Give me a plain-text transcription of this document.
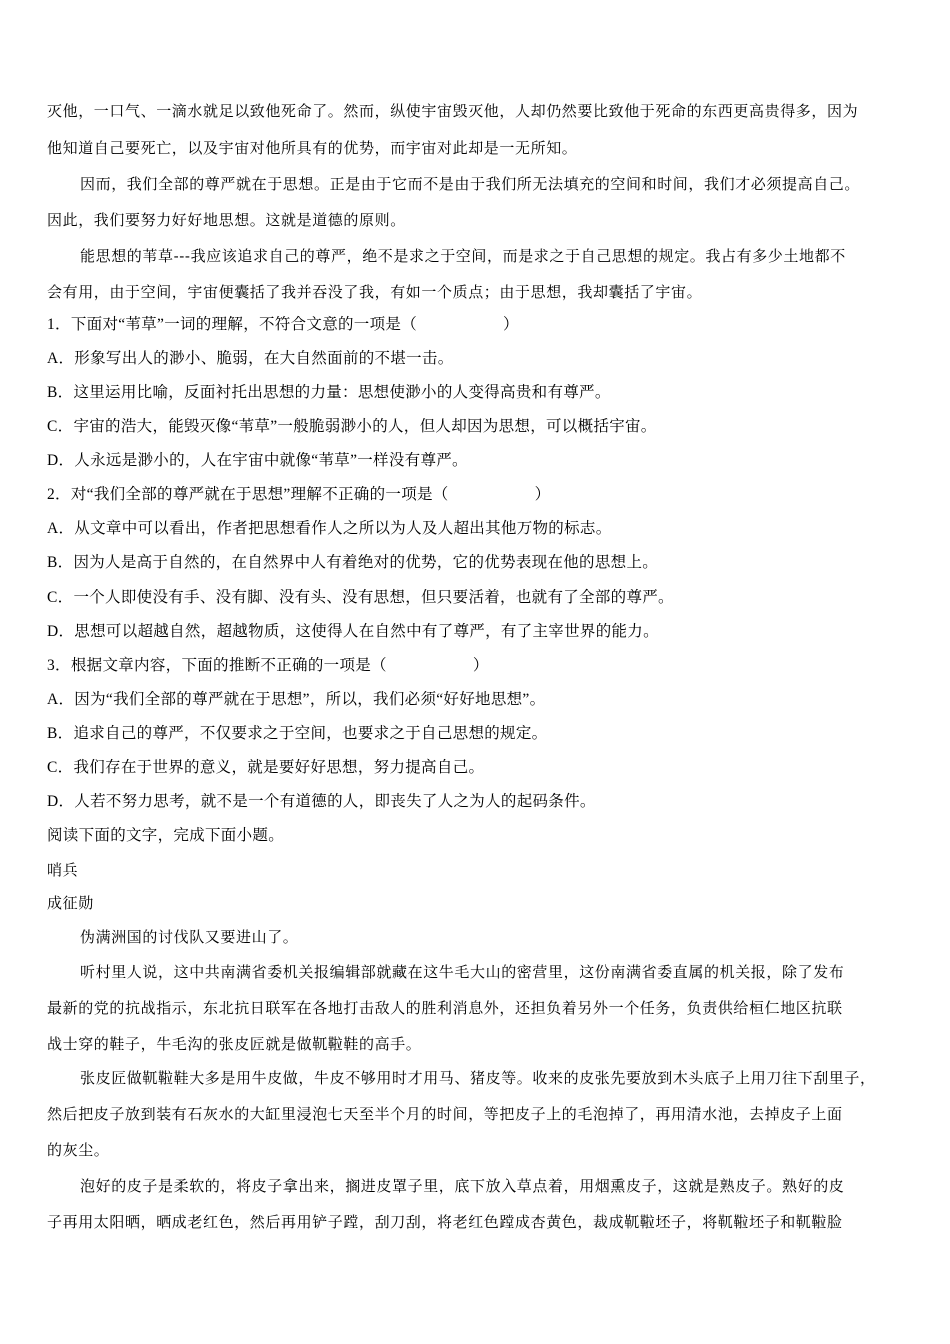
灭他，一口气、一滴水就足以致他死命了。然而，纵使宇宙毁灭他，人却仍然要比致他于死命的东西更高贵得多，因为
他知道自己要死亡，以及宇宙对他所具有的优势，而宇宙对此却是一无所知。
因而，我们全部的尊严就在于思想。正是由于它而不是由于我们所无法填充的空间和时间，我们才必须提高自己。
因此，我们要努力好好地思想。这就是道德的原则。
能思想的苇草---我应该追求自己的尊严，绝不是求之于空间，而是求之于自己思想的规定。我占有多少土地都不
会有用，由于空间，宇宙便囊括了我并吞没了我，有如一个质点；由于思想，我却囊括了宇宙。
1．下面对“苇草”一词的理解，不符合文意的一项是（	）
A．形象写出人的渺小、脆弱，在大自然面前的不堪一击。
B．这里运用比喻，反面衬托出思想的力量：思想使渺小的人变得高贵和有尊严。
C．宇宙的浩大，能毁灭像“苇草”一般脆弱渺小的人，但人却因为思想，可以概括宇宙。
D．人永远是渺小的，人在宇宙中就像“苇草”一样没有尊严。
2．对“我们全部的尊严就在于思想”理解不正确的一项是（	）
A．从文章中可以看出，作者把思想看作人之所以为人及人超出其他万物的标志。
B．因为人是高于自然的，在自然界中人有着绝对的优势，它的优势表现在他的思想上。
C．一个人即使没有手、没有脚、没有头、没有思想，但只要活着，也就有了全部的尊严。
D．思想可以超越自然，超越物质，这使得人在自然中有了尊严，有了主宰世界的能力。
3．根据文章内容，下面的推断不正确的一项是（	）
A．因为“我们全部的尊严就在于思想”，所以，我们必须“好好地思想”。
B．追求自己的尊严，不仅要求之于空间，也要求之于自己思想的规定。
C．我们存在于世界的意义，就是要好好思想，努力提高自己。
D．人若不努力思考，就不是一个有道德的人，即丧失了人之为人的起码条件。
阅读下面的文字，完成下面小题。
哨兵
成征勋
伪满洲国的讨伐队又要进山了。
听村里人说，这中共南满省委机关报编辑部就藏在这牛毛大山的密营里，这份南满省委直属的机关报，除了发布
最新的党的抗战指示，东北抗日联军在各地打击敌人的胜利消息外，还担负着另外一个任务，负责供给桓仁地区抗联
战士穿的鞋子，牛毛沟的张皮匠就是做靰鞡鞋的高手。
张皮匠做靰鞡鞋大多是用牛皮做，牛皮不够用时才用马、猪皮等。收来的皮张先要放到木头底子上用刀往下刮里子，
然后把皮子放到装有石灰水的大缸里浸泡七天至半个月的时间，等把皮子上的毛泡掉了，再用清水池，去掉皮子上面
的灰尘。
泡好的皮子是柔软的，将皮子拿出来，搁进皮罩子里，底下放入草点着，用烟熏皮子，这就是熟皮子。熟好的皮
子再用太阳晒，晒成老红色，然后再用铲子蹚，刮刀刮，将老红色蹚成杏黄色，裁成靰鞡坯子，将靰鞡坯子和靰鞡脸
